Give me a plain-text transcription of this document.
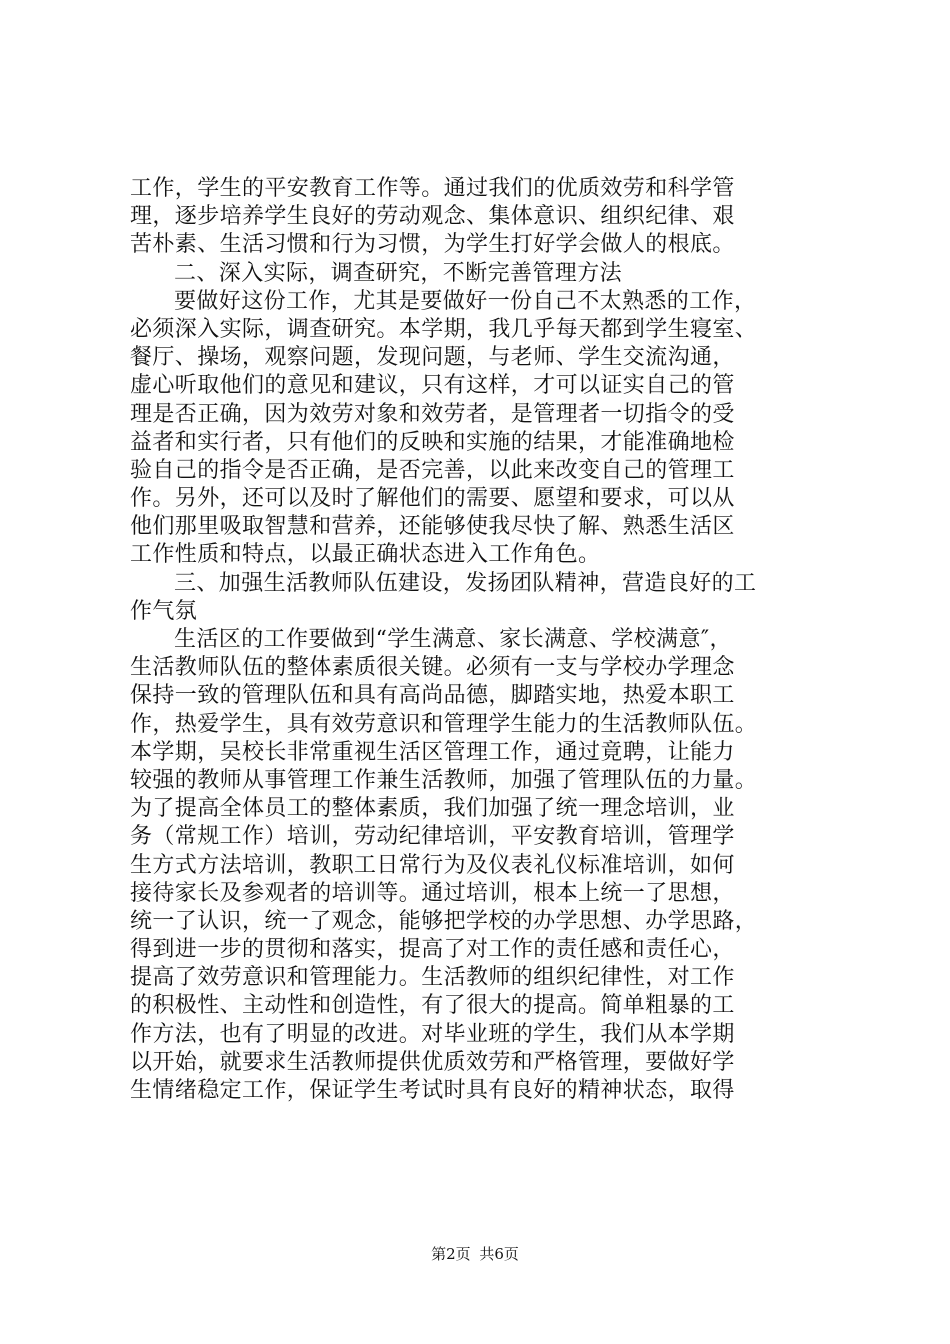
工作，学生的平安教育工作等。通过我们的优质效劳和科学管
理，逐步培养学生良好的劳动观念、集体意识、组织纪律、艰
苦朴素、生活习惯和行为习惯，为学生打好学会做人的根底。
二、深入实际，调查研究，不断完善管理方法
要做好这份工作，尤其是要做好一份自己不太熟悉的工作，
必须深入实际，调查研究。本学期，我几乎每天都到学生寝室、
餐厅、操场，观察问题，发现问题，与老师、学生交流沟通，
虚心听取他们的意见和建议，只有这样，才可以证实自己的管
理是否正确，因为效劳对象和效劳者，是管理者一切指令的受
益者和实行者，只有他们的反映和实施的结果，才能准确地检
验自己的指令是否正确，是否完善，以此来改变自己的管理工
作。另外，还可以及时了解他们的需要、愿望和要求，可以从
他们那里吸取智慧和营养，还能够使我尽快了解、熟悉生活区
工作性质和特点，以最正确状态进入工作角色。
三、加强生活教师队伍建设，发扬团队精神，营造良好的工
作气氛
生活区的工作要做到“学生满意、家长满意、学校满意″，
生活教师队伍的整体素质很关键。必须有一支与学校办学理念
保持一致的管理队伍和具有高尚品德，脚踏实地，热爱本职工
作，热爱学生，具有效劳意识和管理学生能力的生活教师队伍。
本学期，吴校长非常重视生活区管理工作，通过竟聘，让能力
较强的教师从事管理工作兼生活教师，加强了管理队伍的力量。
为了提高全体员工的整体素质，我们加强了统一理念培训，业
务（常规工作）培训，劳动纪律培训，平安教育培训，管理学
生方式方法培训，教职工日常行为及仪表礼仪标准培训，如何
接待家长及参观者的培训等。通过培训，根本上统一了思想，
统一了认识，统一了观念，能够把学校的办学思想、办学思路，
得到进一步的贯彻和落实，提高了对工作的责任感和责任心，
提高了效劳意识和管理能力。生活教师的组织纪律性，对工作
的积极性、主动性和创造性，有了很大的提高。简单粗暴的工
作方法，也有了明显的改进。对毕业班的学生，我们从本学期
以开始，就要求生活教师提供优质效劳和严格管理，要做好学
生情绪稳定工作，保证学生考试时具有良好的精神状态，取得
第2页 共6页
